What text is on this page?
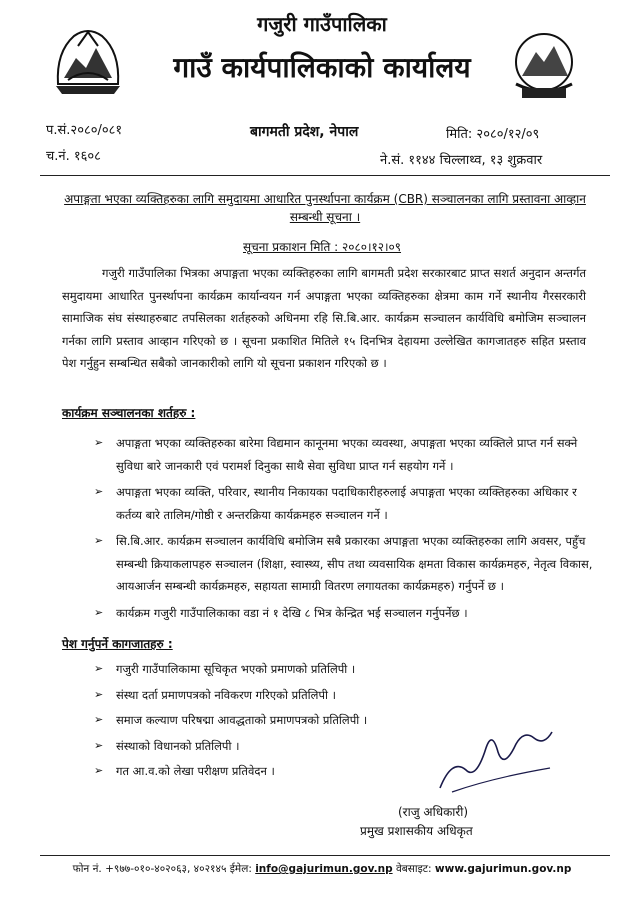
गजुरी गाउँपालिका
गाउँ कार्यपालिकाको कार्यालय
बागमती प्रदेश, नेपाल
प.सं.२०८०/०८१
च.नं. १६०८
मिति: २०८०/१२/०९
ने.सं. ११४४ चिल्लाथ्व, १३ शुक्रवार
अपाङ्गता भएका व्यक्तिहरुका लागि समुदायमा आधारित पुनर्स्थापना कार्यक्रम (CBR) सञ्चालनका लागि प्रस्तावना आव्हान सम्बन्धी सूचना ।
सूचना प्रकाशन मिति : २०८०।१२।०९
गजुरी गाउँपालिका भित्रका अपाङ्गता भएका व्यक्तिहरुका लागि बागमती प्रदेश सरकारबाट प्राप्त सशर्त अनुदान अन्तर्गत समुदायमा आधारित पुनर्स्थापना कार्यक्रम कार्यान्वयन गर्न अपाङ्गता भएका व्यक्तिहरुका क्षेत्रमा काम गर्ने स्थानीय गैरसरकारी सामाजिक संघ संस्थाहरुबाट तपसिलका शर्तहरुको अधिनमा रहि सि.बि.आर. कार्यक्रम सञ्चालन कार्यविधि बमोजिम सञ्चालन गर्नका लागि प्रस्ताव आव्हान गरिएको छ । सूचना प्रकाशित मितिले १५ दिनभित्र देहायमा उल्लेखित कागजातहरु सहित प्रस्ताव पेश गर्नुहुन सम्बन्धित सबैको जानकारीको लागि यो सूचना प्रकाशन गरिएको छ ।
कार्यक्रम सञ्चालनका शर्तहरु :
➢ अपाङ्गता भएका व्यक्तिहरुका बारेमा विद्यमान कानूनमा भएका व्यवस्था, अपाङ्गता भएका व्यक्तिले प्राप्त गर्न सक्ने सुविधा बारे जानकारी एवं परामर्श दिनुका साथै सेवा सुविधा प्राप्त गर्न सहयोग गर्ने ।
➢ अपाङ्गता भएका व्यक्ति, परिवार, स्थानीय निकायका पदाधिकारीहरुलाई अपाङ्गता भएका व्यक्तिहरुका अधिकार र कर्तव्य बारे तालिम/गोष्ठी र अन्तरक्रिया कार्यक्रमहरु सञ्चालन गर्ने ।
➢ सि.बि.आर. कार्यक्रम सञ्चालन कार्यविधि बमोजिम सबै प्रकारका अपाङ्गता भएका व्यक्तिहरुका लागि अवसर, पहुँच सम्बन्धी क्रियाकलापहरु सञ्चालन (शिक्षा, स्वास्थ्य, सीप तथा व्यवसायिक क्षमता विकास कार्यक्रमहरु, नेतृत्व विकास, आयआर्जन सम्बन्धी कार्यक्रमहरु, सहायता सामाग्री वितरण लगायतका कार्यक्रमहरु) गर्नुपर्ने छ ।
➢ कार्यक्रम गजुरी गाउँपालिकाका वडा नं १ देखि ८ भित्र केन्द्रित भई सञ्चालन गर्नुपर्नेछ ।
पेश गर्नुपर्ने कागजातहरु :
➢ गजुरी गाउँपालिकामा सूचिकृत भएको प्रमाणको प्रतिलिपी ।
➢ संस्था दर्ता प्रमाणपत्रको नविकरण गरिएको प्रतिलिपी ।
➢ समाज कल्याण परिषद्मा आवद्धताको प्रमाणपत्रको प्रतिलिपी ।
➢ संस्थाको विधानको प्रतिलिपी ।
➢ गत आ.व.को लेखा परीक्षण प्रतिवेदन ।
(राजु अधिकारी)
प्रमुख प्रशासकीय अधिकृत
फोन नं. +९७७-०१०-४०२०६३, ४०२१४५ ईमेल: info@gajurimun.gov.np वेबसाइट: www.gajurimun.gov.np
